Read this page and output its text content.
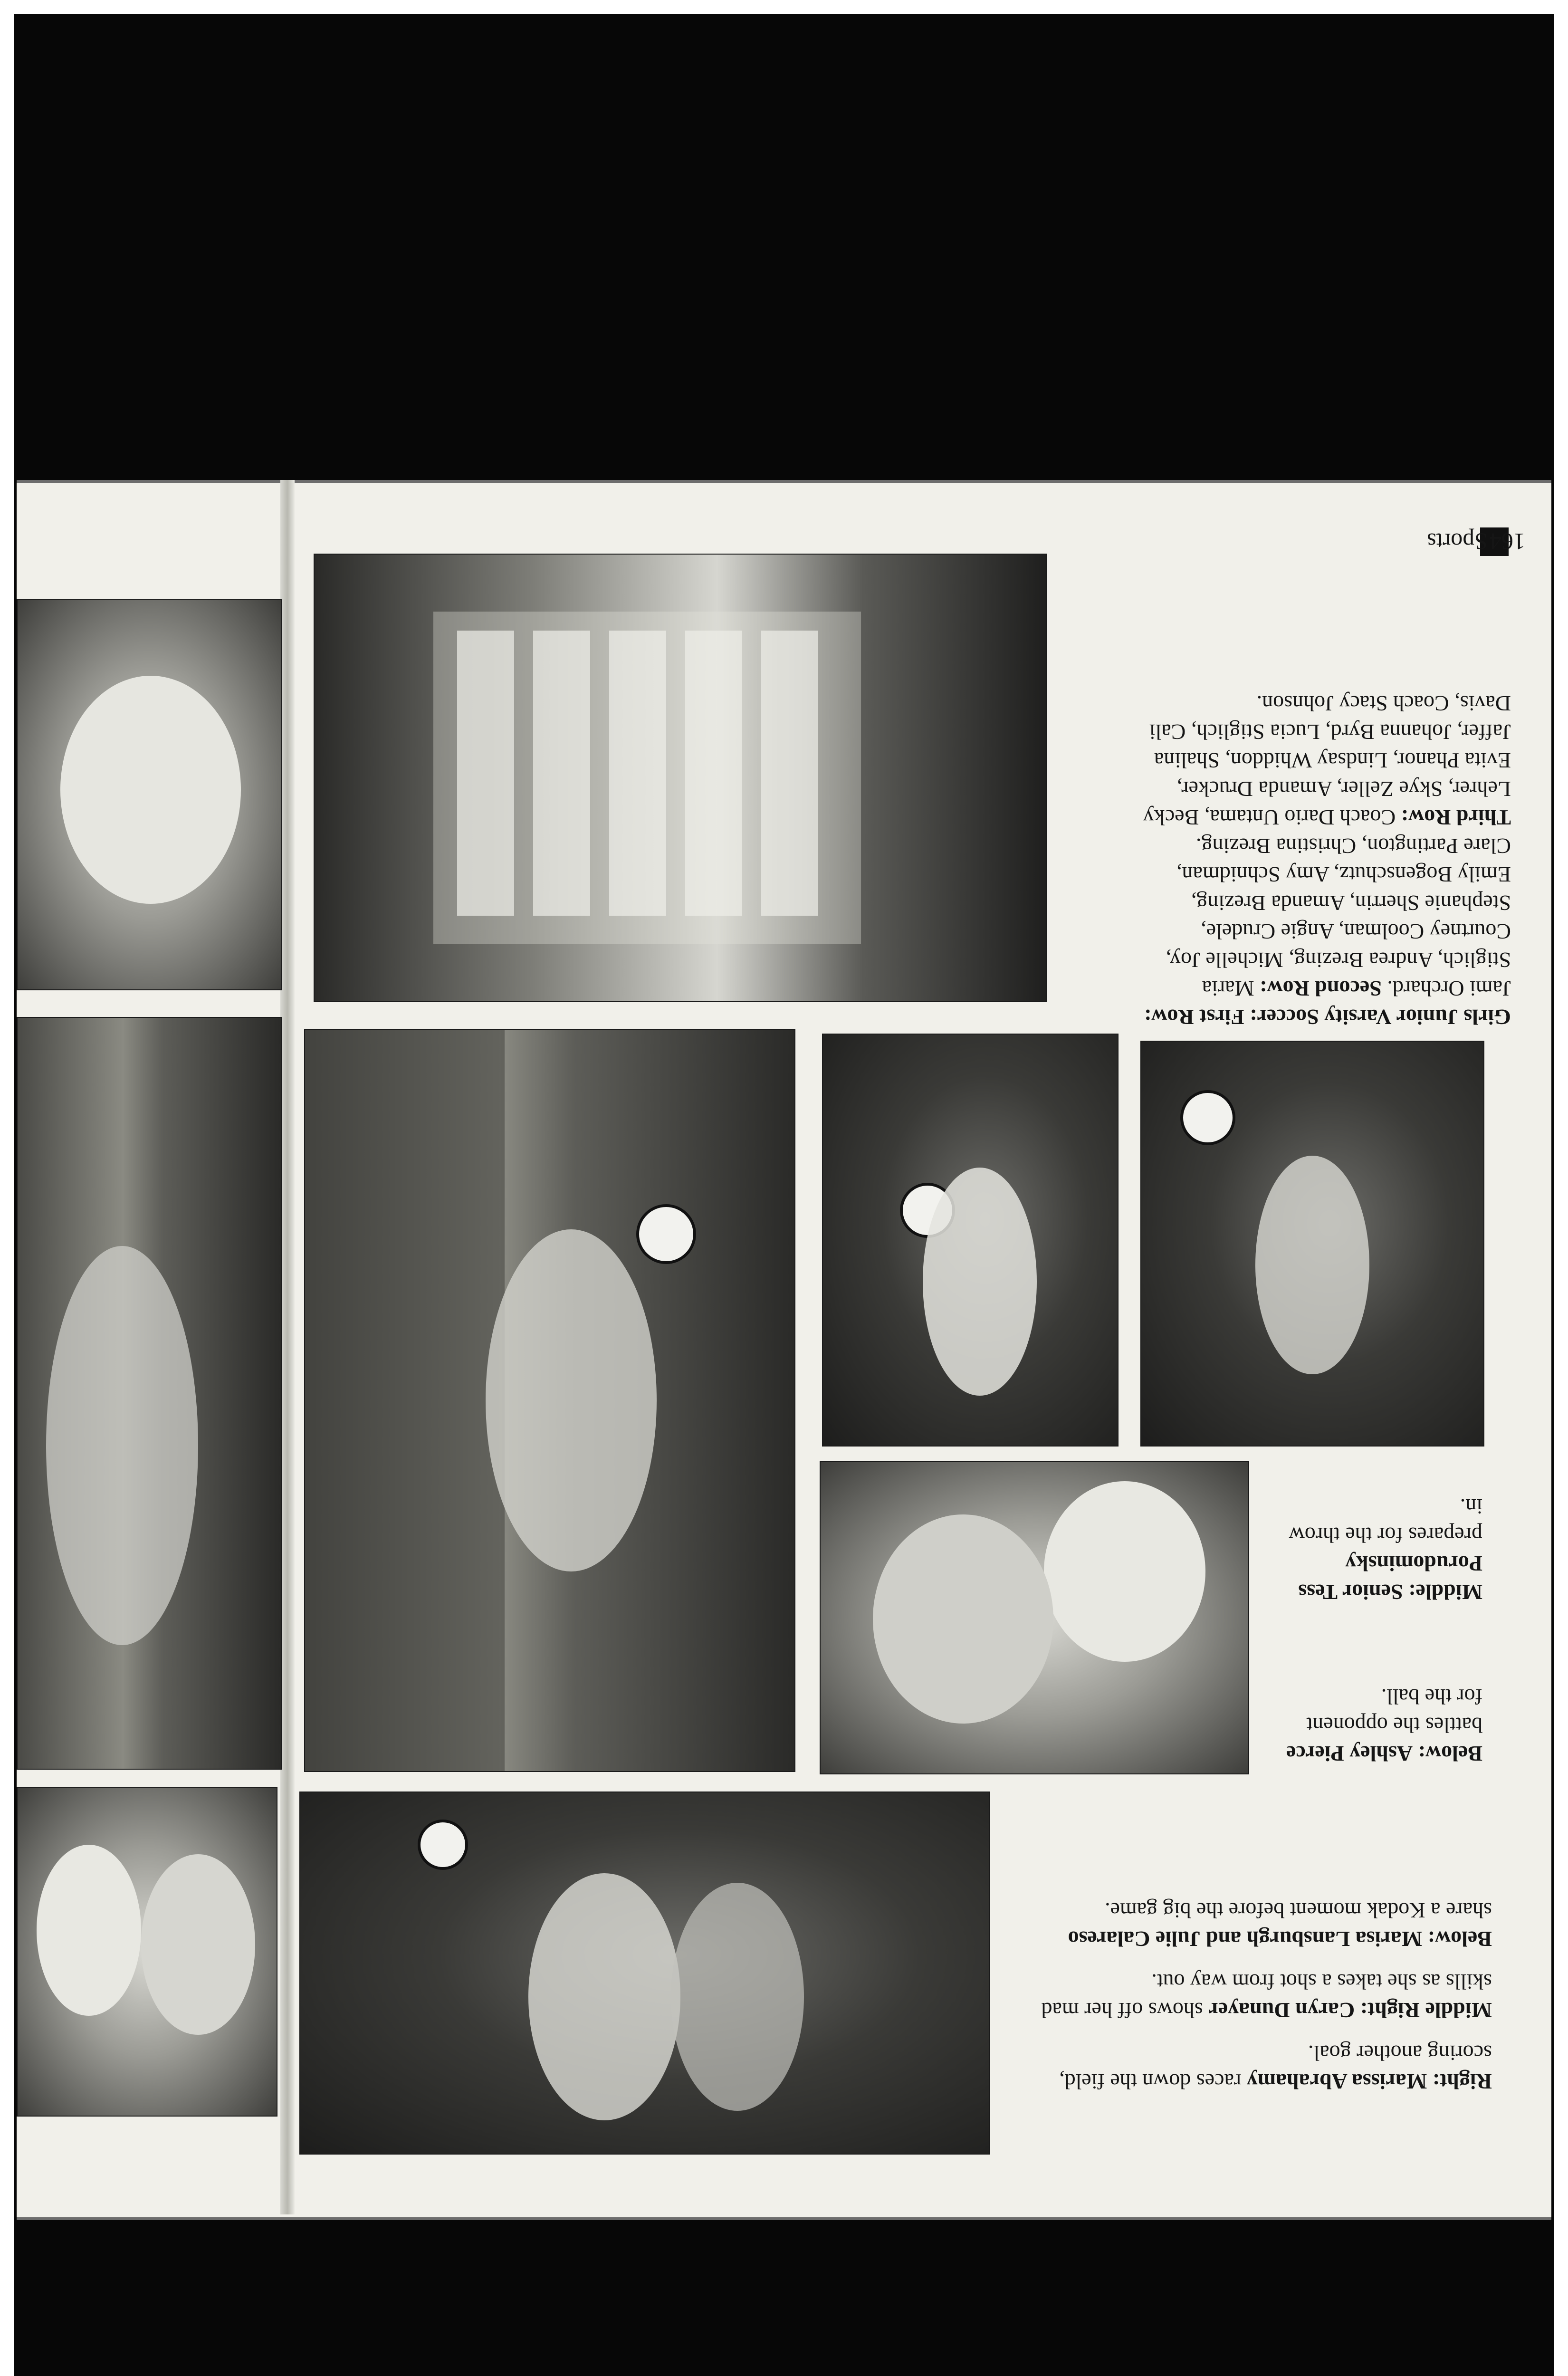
164 Sports
Girls Junior Varsity Soccer: First Row: Jami Orchard. Second Row: Maria Stiglich, Andrea Brezing, Michelle Joy, Courtney Coolman, Angie Crudele, Stephanie Sherrin, Amanda Brezing, Emily Bogenschutz, Amy Schnidman, Clare Partington, Christina Brezing. Third Row: Coach Dario Untama, Becky Lehrer, Skye Zeller, Amanda Drucker, Evita Phanor, Lindsay Whiddon, Shalina Jaffer, Johanna Byrd, Lucia Stiglich, Cali Davis, Coach Stacy Johnson.
Middle: Senior Tess Porudominsky prepares for the throw in.
Below: Ashley Pierce battles the opponent for the ball.

Right: Marissa Abrahamy races down the field, scoring another goal.

Middle Right: Caryn Dunayer shows off her mad skills as she takes a shot from way out.

Below: Marisa Lansburgh and Julie Calareso share a Kodak moment before the big game.
